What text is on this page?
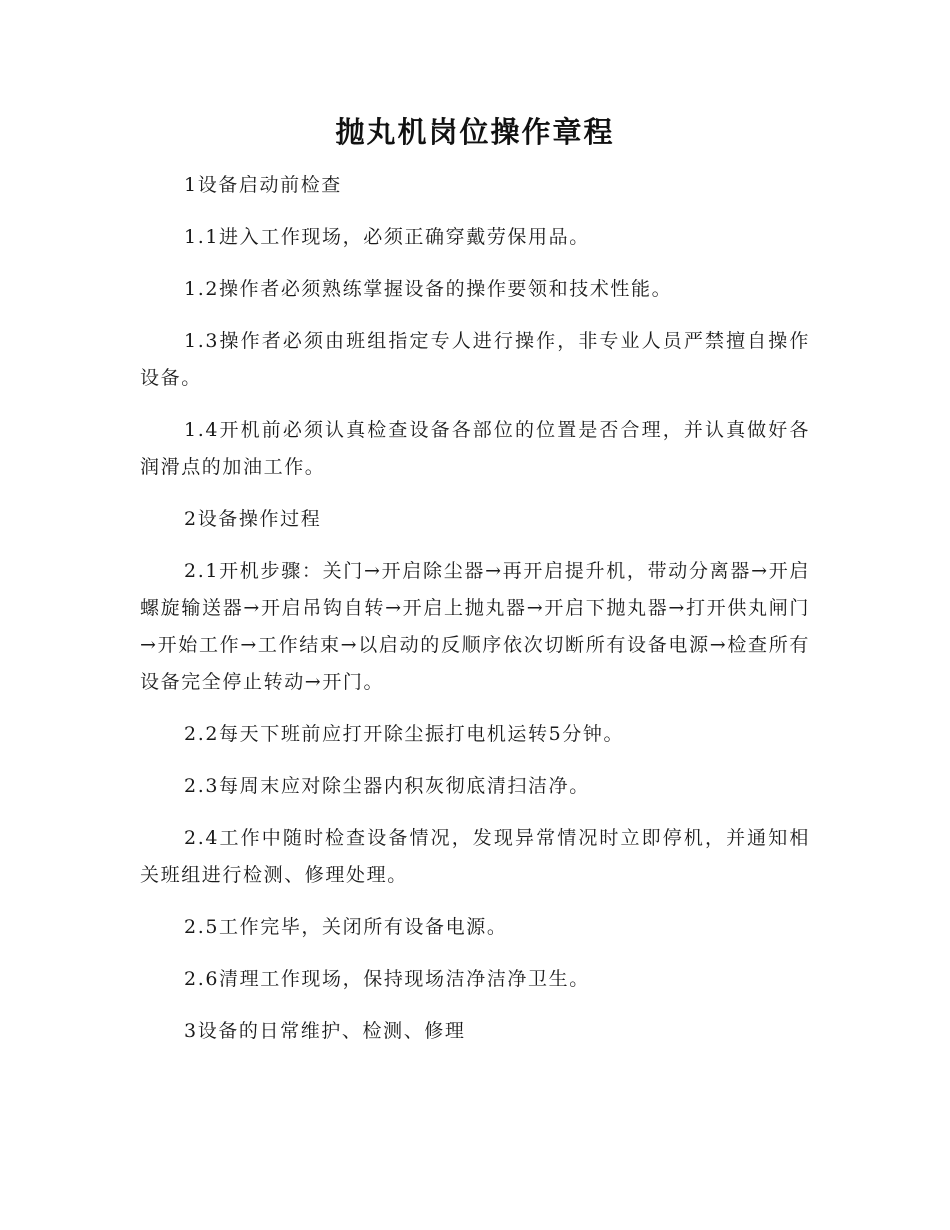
抛丸机岗位操作章程

1设备启动前检查

1.1进入工作现场，必须正确穿戴劳保用品。

1.2操作者必须熟练掌握设备的操作要领和技术性能。

1.3操作者必须由班组指定专人进行操作，非专业人员严禁擅自操作设备。

1.4开机前必须认真检查设备各部位的位置是否合理，并认真做好各润滑点的加油工作。

2设备操作过程

2.1开机步骤：关门→开启除尘器→再开启提升机，带动分离器→开启螺旋输送器→开启吊钩自转→开启上抛丸器→开启下抛丸器→打开供丸闸门→开始工作→工作结束→以启动的反顺序依次切断所有设备电源→检查所有设备完全停止转动→开门。

2.2每天下班前应打开除尘振打电机运转5分钟。

2.3每周末应对除尘器内积灰彻底清扫洁净。

2.4工作中随时检查设备情况，发现异常情况时立即停机，并通知相关班组进行检测、修理处理。

2.5工作完毕，关闭所有设备电源。

2.6清理工作现场，保持现场洁净洁净卫生。

3设备的日常维护、检测、修理
